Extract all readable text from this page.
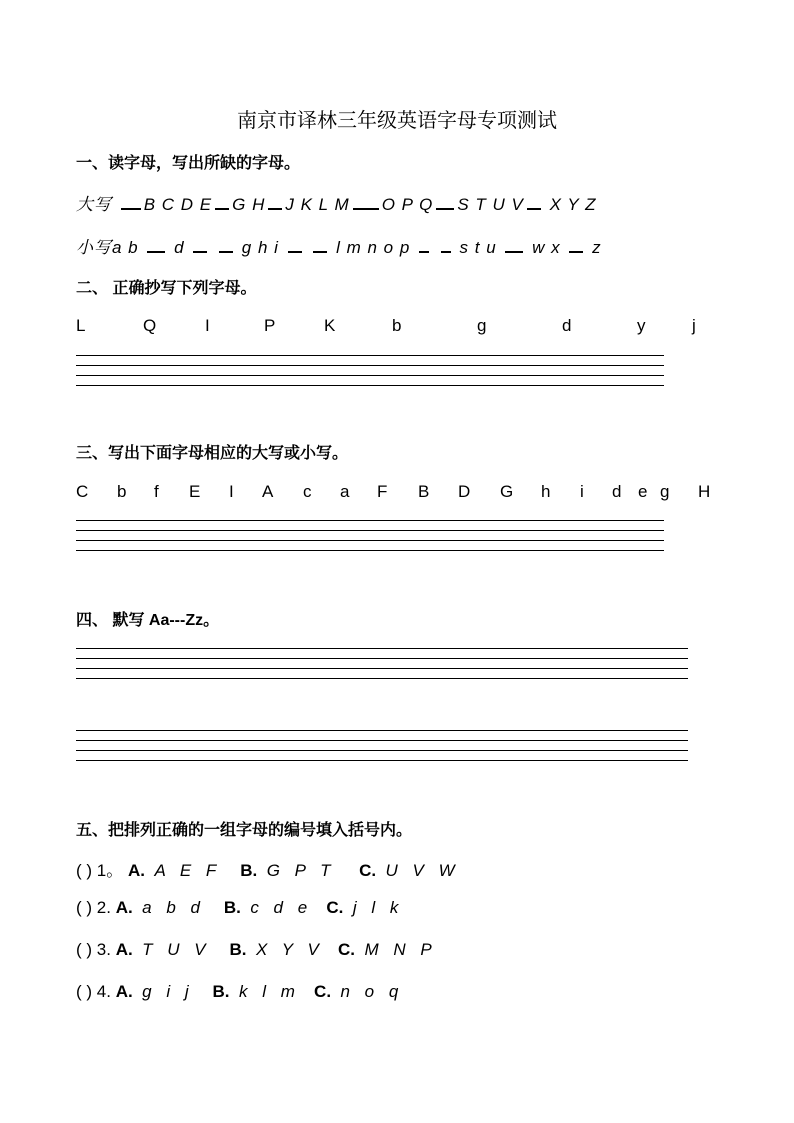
南京市译林三年级英语字母专项测试
一、读字母，写出所缺的字母。
大写 B C D E G H J K L M O P Q S T U V X Y Z
小写a b d	g h i	l m n o p	s t u w x z
二、 正确抄写下列字母。
L	Q	I	P	K	b	g	d	y	j
三、写出下面字母相应的大写或小写。
C b f E I A c a F B D G h i d e g H
四、 默写 Aa---Zz。
五、把排列正确的一组字母的编号填入括号内。
( ) 1。 A. A E F B. G P T C. U V W
( ) 2. A. a b d B. c d e C. j l k
( ) 3. A. T U V B. X Y V C. M N P
( ) 4. A. g i j B. k l m C. n o q
